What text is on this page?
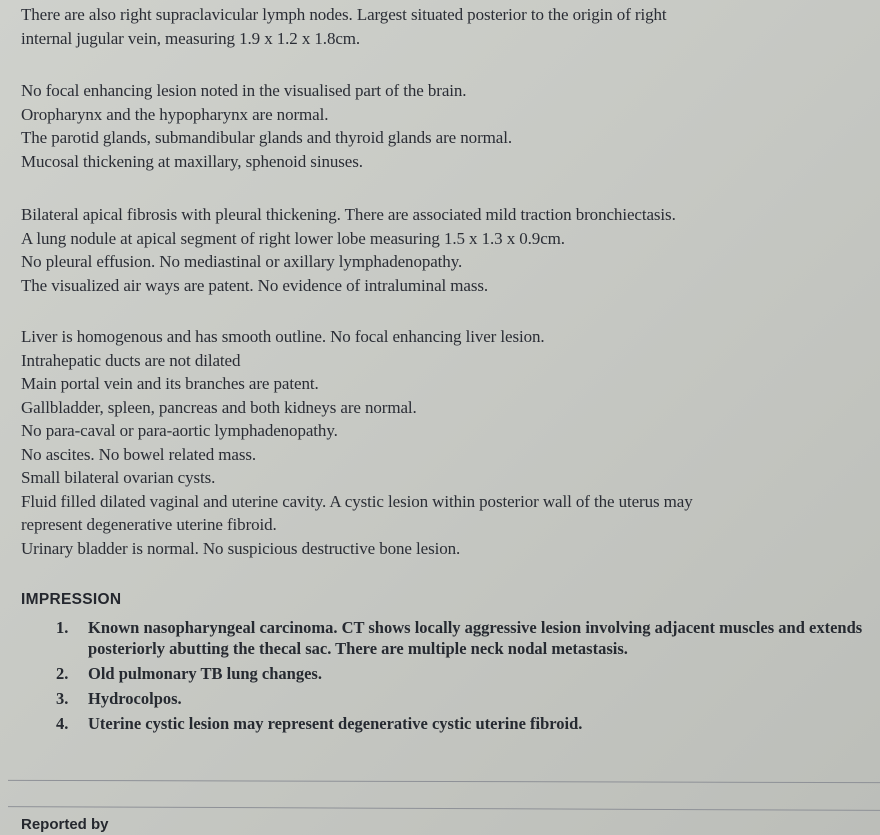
There are also right supraclavicular lymph nodes. Largest situated posterior to the origin of right
internal jugular vein, measuring 1.9 x 1.2 x 1.8cm.
No focal enhancing lesion noted in the visualised part of the brain.
Oropharynx and the hypopharynx are normal.
The parotid glands, submandibular glands and thyroid glands are normal.
Mucosal thickening at maxillary, sphenoid sinuses.
Bilateral apical fibrosis with pleural thickening. There are associated mild traction bronchiectasis.
A lung nodule at apical segment of right lower lobe measuring 1.5 x 1.3 x 0.9cm.
No pleural effusion. No mediastinal or axillary lymphadenopathy.
The visualized air ways are patent. No evidence of intraluminal mass.
Liver is homogenous and has smooth outline. No focal enhancing liver lesion.
Intrahepatic ducts are not dilated
Main portal vein and its branches are patent.
Gallbladder, spleen, pancreas and both kidneys are normal.
No para-caval or para-aortic lymphadenopathy.
No ascites. No bowel related mass.
Small bilateral ovarian cysts.
Fluid filled dilated vaginal and uterine cavity. A cystic lesion within posterior wall of the uterus may
represent degenerative uterine fibroid.
Urinary bladder is normal. No suspicious destructive bone lesion.
IMPRESSION
1.	Known nasopharyngeal carcinoma. CT shows locally aggressive lesion involving adjacent muscles and extends posteriorly abutting the thecal sac. There are multiple neck nodal metastasis.
2.	Old pulmonary TB lung changes.
3.	Hydrocolpos.
4.	Uterine cystic lesion may represent degenerative cystic uterine fibroid.
Reported by
